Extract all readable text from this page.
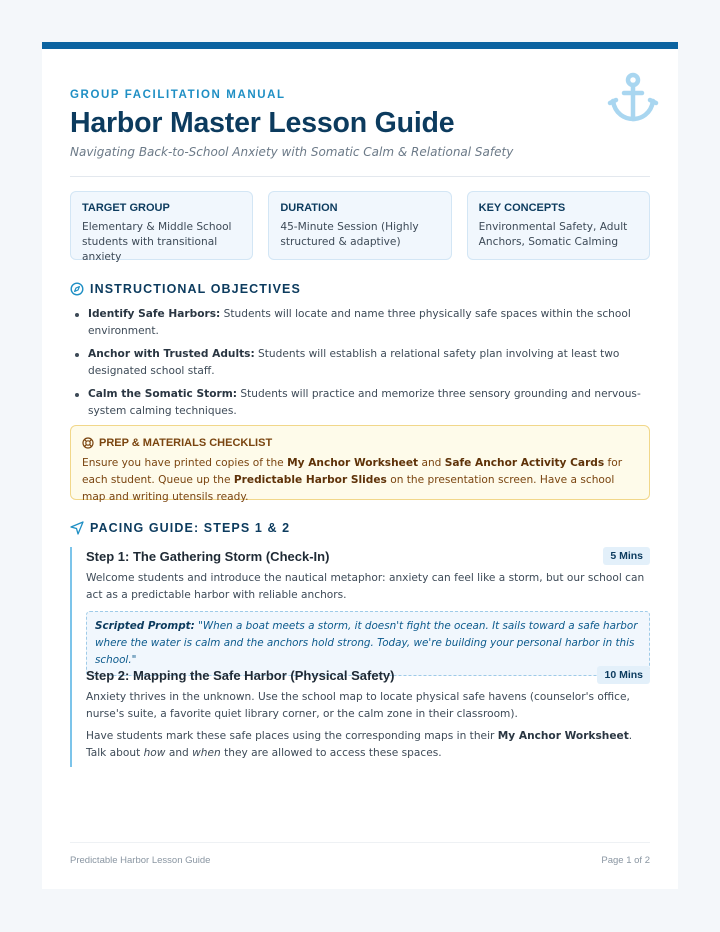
GROUP FACILITATION MANUAL
Harbor Master Lesson Guide
Navigating Back-to-School Anxiety with Somatic Calm & Relational Safety
TARGET GROUP
Elementary & Middle School students with transitional anxiety
DURATION
45-Minute Session (Highly structured & adaptive)
KEY CONCEPTS
Environmental Safety, Adult Anchors, Somatic Calming
INSTRUCTIONAL OBJECTIVES
Identify Safe Harbors: Students will locate and name three physically safe spaces within the school environment.
Anchor with Trusted Adults: Students will establish a relational safety plan involving at least two designated school staff.
Calm the Somatic Storm: Students will practice and memorize three sensory grounding and nervous-system calming techniques.
PREP & MATERIALS CHECKLIST
Ensure you have printed copies of the My Anchor Worksheet and Safe Anchor Activity Cards for each student. Queue up the Predictable Harbor Slides on the presentation screen. Have a school map and writing utensils ready.
PACING GUIDE: STEPS 1 & 2
Step 1: The Gathering Storm (Check-In)	5 Mins
Welcome students and introduce the nautical metaphor: anxiety can feel like a storm, but our school can act as a predictable harbor with reliable anchors.
Scripted Prompt: "When a boat meets a storm, it doesn't fight the ocean. It sails toward a safe harbor where the water is calm and the anchors hold strong. Today, we're building your personal harbor in this school."
Step 2: Mapping the Safe Harbor (Physical Safety)	10 Mins
Anxiety thrives in the unknown. Use the school map to locate physical safe havens (counselor's office, nurse's suite, a favorite quiet library corner, or the calm zone in their classroom).
Have students mark these safe places using the corresponding maps in their My Anchor Worksheet. Talk about how and when they are allowed to access these spaces.
Predictable Harbor Lesson Guide	Page 1 of 2
